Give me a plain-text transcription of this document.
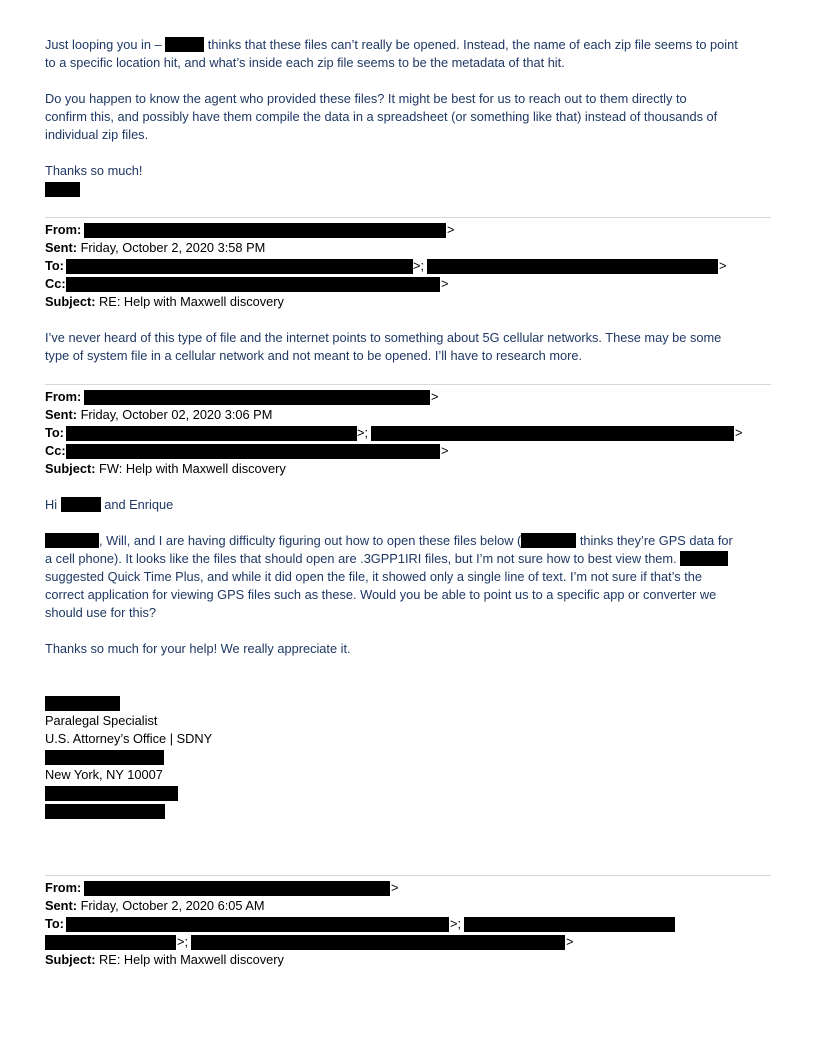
Just looping you in –	thinks that these files can’t really be opened. Instead, the name of each zip file seems to point
to a specific location hit, and what’s inside each zip file seems to be the metadata of that hit.
Do you happen to know the agent who provided these files? It might be best for us to reach out to them directly to
confirm this, and possibly have them compile the data in a spreadsheet (or something like that) instead of thousands of
individual zip files.
Thanks so much!
From:	>
Sent: Friday, October 2, 2020 3:58 PM
To:	>;	>
Cc:	>
Subject: RE: Help with Maxwell discovery
I’ve never heard of this type of file and the internet points to something about 5G cellular networks. These may be some
type of system file in a cellular network and not meant to be opened. I’ll have to research more.
From:	>
Sent: Friday, October 02, 2020 3:06 PM
To:	>;	>
Cc:	>
Subject: FW: Help with Maxwell discovery
Hi	and Enrique
, Will, and I are having difficulty figuring out how to open these files below (	thinks they’re GPS data for
a cell phone). It looks like the files that should open are .3GPP1IRI files, but I’m not sure how to best view them.
suggested Quick Time Plus, and while it did open the file, it showed only a single line of text. I’m not sure if that’s the
correct application for viewing GPS files such as these. Would you be able to point us to a specific app or converter we
should use for this?
Thanks so much for your help! We really appreciate it.
Paralegal Specialist
U.S. Attorney’s Office | SDNY
New York, NY 10007
From:	>
Sent: Friday, October 2, 2020 6:05 AM
To:	>;
>;	>
Subject: RE: Help with Maxwell discovery
